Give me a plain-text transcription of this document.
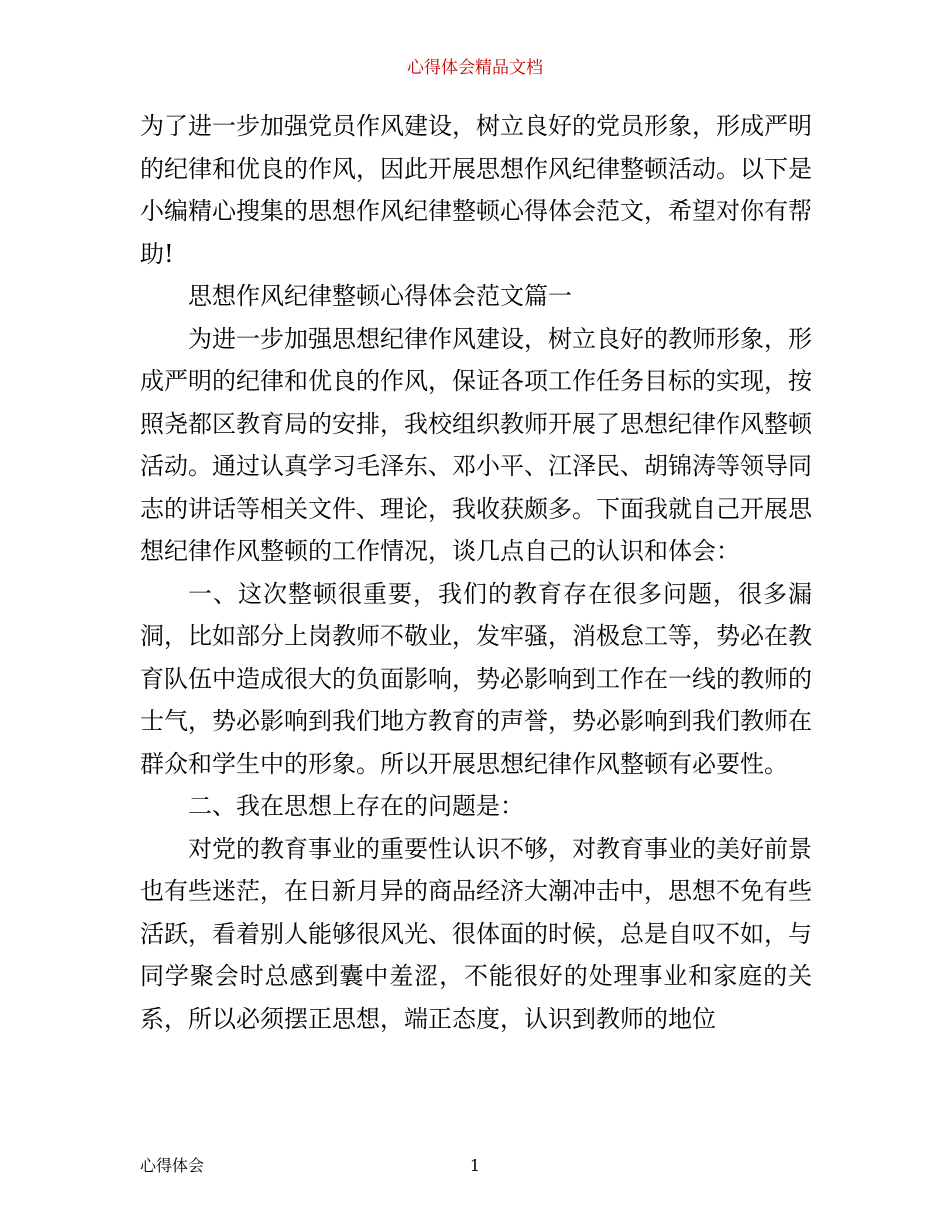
心得体会精品文档

为了进一步加强党员作风建设，树立良好的党员形象，形成严明的纪律和优良的作风，因此开展思想作风纪律整顿活动。以下是小编精心搜集的思想作风纪律整顿心得体会范文，希望对你有帮助!

思想作风纪律整顿心得体会范文篇一

为进一步加强思想纪律作风建设，树立良好的教师形象，形成严明的纪律和优良的作风，保证各项工作任务目标的实现，按照尧都区教育局的安排，我校组织教师开展了思想纪律作风整顿活动。通过认真学习毛泽东、邓小平、江泽民、胡锦涛等领导同志的讲话等相关文件、理论，我收获颇多。下面我就自己开展思想纪律作风整顿的工作情况，谈几点自己的认识和体会：

一、这次整顿很重要，我们的教育存在很多问题，很多漏洞，比如部分上岗教师不敬业，发牢骚，消极怠工等，势必在教育队伍中造成很大的负面影响，势必影响到工作在一线的教师的士气，势必影响到我们地方教育的声誉，势必影响到我们教师在群众和学生中的形象。所以开展思想纪律作风整顿有必要性。

二、我在思想上存在的问题是：

对党的教育事业的重要性认识不够，对教育事业的美好前景也有些迷茫，在日新月异的商品经济大潮冲击中，思想不免有些活跃，看着别人能够很风光、很体面的时候，总是自叹不如，与同学聚会时总感到囊中羞涩，不能很好的处理事业和家庭的关系，所以必须摆正思想，端正态度，认识到教师的地位

心得体会	1
